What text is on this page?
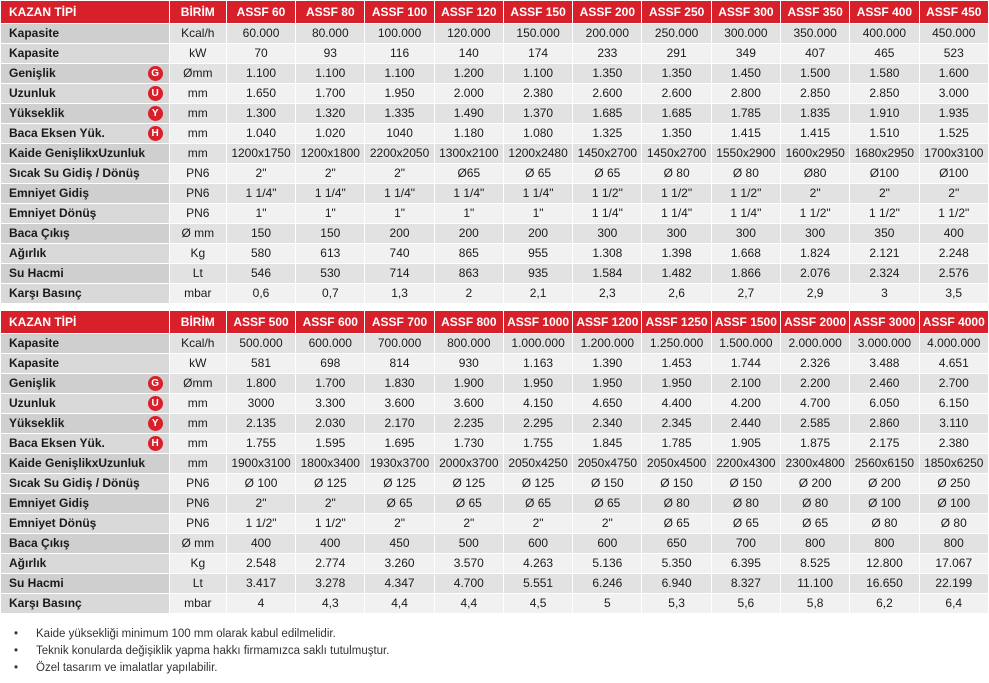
KAZAN TİPİ	BİRİM	ASSF 60	ASSF 80	ASSF 100	ASSF 120	ASSF 150	ASSF 200	ASSF 250	ASSF 300	ASSF 350	ASSF 400	ASSF 450
Kapasite	Kcal/h	60.000	80.000	100.000	120.000	150.000	200.000	250.000	300.000	350.000	400.000	450.000
Kapasite	kW	70	93	116	140	174	233	291	349	407	465	523
Genişlik G	Ømm	1.100	1.100	1.100	1.200	1.100	1.350	1.350	1.450	1.500	1.580	1.600
Uzunluk U	mm	1.650	1.700	1.950	2.000	2.380	2.600	2.600	2.800	2.850	2.850	3.000
Yükseklik Y	mm	1.300	1.320	1.335	1.490	1.370	1.685	1.685	1.785	1.835	1.910	1.935
Baca Eksen Yük. H	mm	1.040	1.020	1040	1.180	1.080	1.325	1.350	1.415	1.415	1.510	1.525
Kaide GenişlikxUzunluk	mm	1200x1750	1200x1800	2200x2050	1300x2100	1200x2480	1450x2700	1450x2700	1550x2900	1600x2950	1680x2950	1700x3100
Sıcak Su Gidiş / Dönüş	PN6	2"	2"	2"	Ø65	Ø 65	Ø 65	Ø 80	Ø 80	Ø80	Ø100	Ø100
Emniyet Gidiş	PN6	1 1/4"	1 1/4"	1 1/4"	1 1/4"	1 1/4"	1 1/2"	1 1/2"	1 1/2"	2"	2"	2"
Emniyet Dönüş	PN6	1"	1"	1"	1"	1"	1 1/4"	1 1/4"	1 1/4"	1 1/2"	1 1/2"	1 1/2"
Baca Çıkış	Ø mm	150	150	200	200	200	300	300	300	300	350	400
Ağırlık	Kg	580	613	740	865	955	1.308	1.398	1.668	1.824	2.121	2.248
Su Hacmi	Lt	546	530	714	863	935	1.584	1.482	1.866	2.076	2.324	2.576
Karşı Basınç	mbar	0,6	0,7	1,3	2	2,1	2,3	2,6	2,7	2,9	3	3,5
KAZAN TİPİ	BİRİM	ASSF 500	ASSF 600	ASSF 700	ASSF 800	ASSF 1000	ASSF 1200	ASSF 1250	ASSF 1500	ASSF 2000	ASSF 3000	ASSF 4000
Kapasite	Kcal/h	500.000	600.000	700.000	800.000	1.000.000	1.200.000	1.250.000	1.500.000	2.000.000	3.000.000	4.000.000
Kapasite	kW	581	698	814	930	1.163	1.390	1.453	1.744	2.326	3.488	4.651
Genişlik G	Ømm	1.800	1.700	1.830	1.900	1.950	1.950	1.950	2.100	2.200	2.460	2.700
Uzunluk U	mm	3000	3.300	3.600	3.600	4.150	4.650	4.400	4.200	4.700	6.050	6.150
Yükseklik Y	mm	2.135	2.030	2.170	2.235	2.295	2.340	2.345	2.440	2.585	2.860	3.110
Baca Eksen Yük. H	mm	1.755	1.595	1.695	1.730	1.755	1.845	1.785	1.905	1.875	2.175	2.380
Kaide GenişlikxUzunluk	mm	1900x3100	1800x3400	1930x3700	2000x3700	2050x4250	2050x4750	2050x4500	2200x4300	2300x4800	2560x6150	1850x6250
Sıcak Su Gidiş / Dönüş	PN6	Ø 100	Ø 125	Ø 125	Ø 125	Ø 125	Ø 150	Ø 150	Ø 150	Ø 200	Ø 200	Ø 250
Emniyet Gidiş	PN6	2"	2"	Ø 65	Ø 65	Ø 65	Ø 65	Ø 80	Ø 80	Ø 80	Ø 100	Ø 100
Emniyet Dönüş	PN6	1 1/2"	1 1/2"	2"	2"	2"	2"	Ø 65	Ø 65	Ø 65	Ø 80	Ø 80
Baca Çıkış	Ø mm	400	400	450	500	600	600	650	700	800	800	800
Ağırlık	Kg	2.548	2.774	3.260	3.570	4.263	5.136	5.350	6.395	8.525	12.800	17.067
Su Hacmi	Lt	3.417	3.278	4.347	4.700	5.551	6.246	6.940	8.327	11.100	16.650	22.199
Karşı Basınç	mbar	4	4,3	4,4	4,4	4,5	5	5,3	5,6	5,8	6,2	6,4
• Kaide yüksekliği minimum 100 mm olarak kabul edilmelidir.
• Teknik konularda değişiklik yapma hakkı firmamızca saklı tutulmuştur.
• Özel tasarım ve imalatlar yapılabilir.
